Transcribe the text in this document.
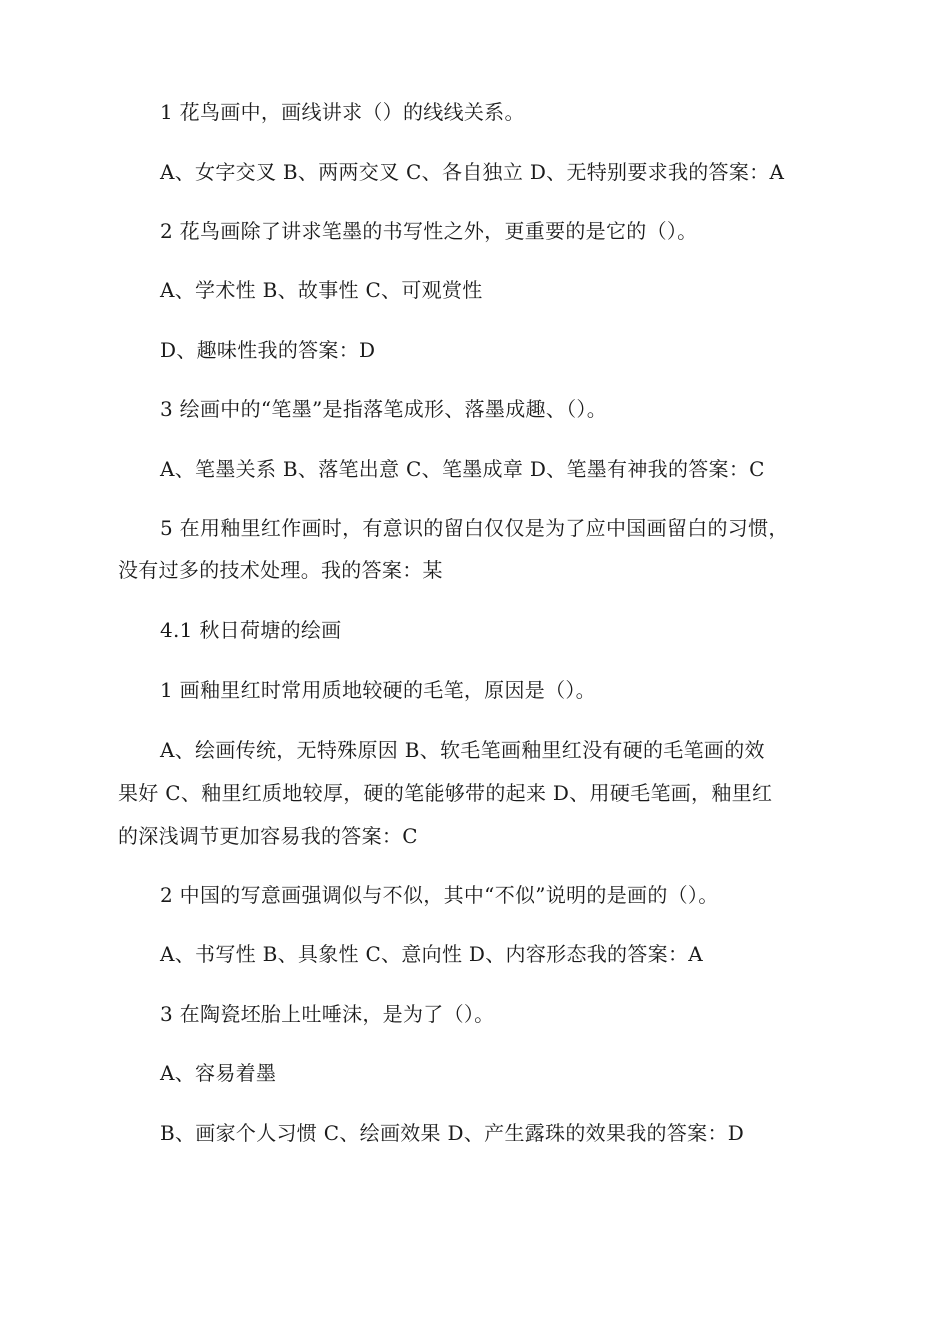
1 花鸟画中，画线讲求（）的线线关系。
A、女字交叉 B、两两交叉 C、各自独立 D、无特别要求我的答案：A
2 花鸟画除了讲求笔墨的书写性之外，更重要的是它的（）。
A、学术性 B、故事性 C、可观赏性
D、趣味性我的答案：D
3 绘画中的“笔墨”是指落笔成形、落墨成趣、（）。
A、笔墨关系 B、落笔出意 C、笔墨成章 D、笔墨有神我的答案：C
5 在用釉里红作画时，有意识的留白仅仅是为了应中国画留白的习惯，
没有过多的技术处理。我的答案：某
4.1 秋日荷塘的绘画
1 画釉里红时常用质地较硬的毛笔，原因是（）。
A、绘画传统，无特殊原因 B、软毛笔画釉里红没有硬的毛笔画的效
果好 C、釉里红质地较厚，硬的笔能够带的起来 D、用硬毛笔画，釉里红
的深浅调节更加容易我的答案：C
2 中国的写意画强调似与不似，其中“不似”说明的是画的（）。
A、书写性 B、具象性 C、意向性 D、内容形态我的答案：A
3 在陶瓷坯胎上吐唾沫，是为了（）。
A、容易着墨
B、画家个人习惯 C、绘画效果 D、产生露珠的效果我的答案：D
